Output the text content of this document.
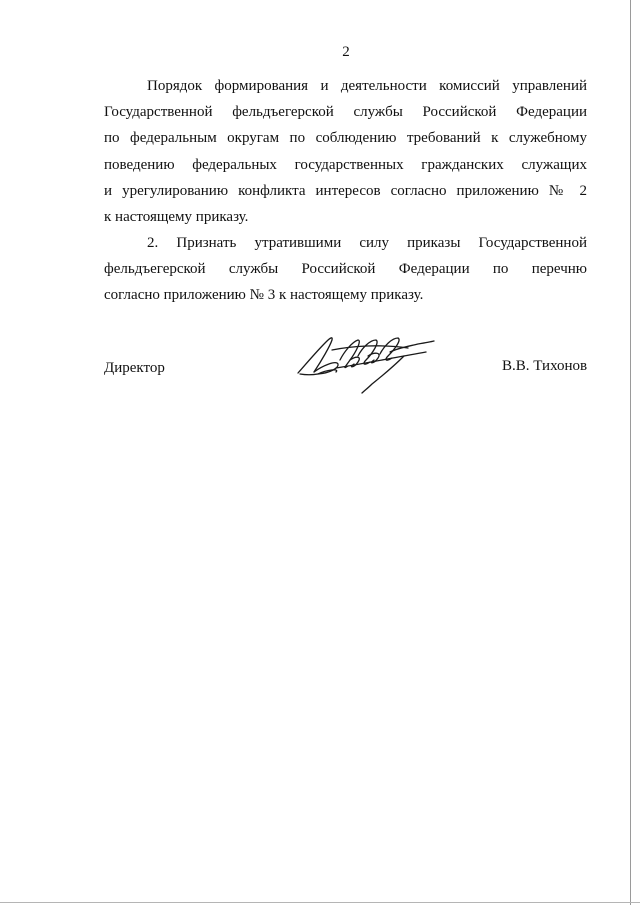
2
Порядок формирования и деятельности комиссий управлений
Государственной фельдъегерской службы Российской Федерации
по федеральным округам по соблюдению требований к служебному
поведению федеральных государственных гражданских служащих
и урегулированию конфликта интересов согласно приложению № 2
к настоящему приказу.
2. Признать утратившими силу приказы Государственной
фельдъегерской службы Российской Федерации по перечню
согласно приложению № 3 к настоящему приказу.
Директор	В.В. Тихонов
